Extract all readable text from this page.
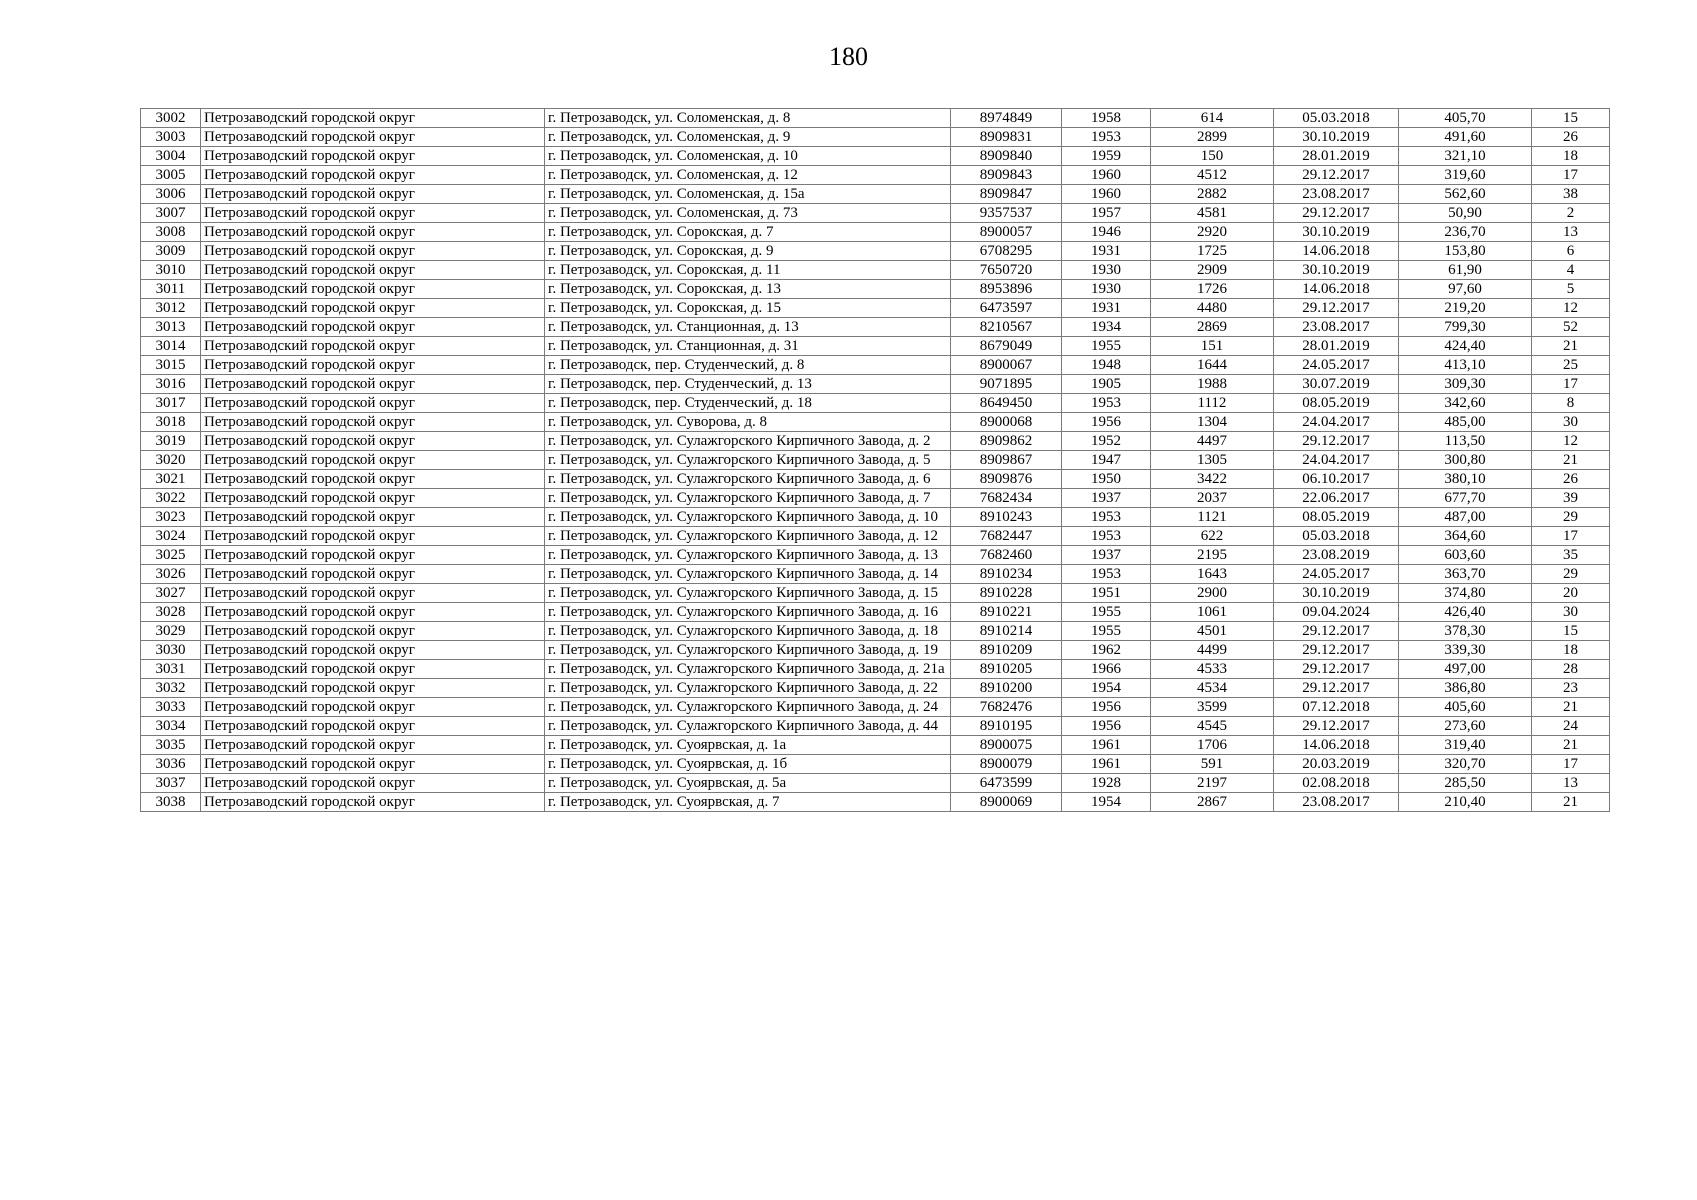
180
3002	Петрозаводский городской округ	г. Петрозаводск, ул. Соломенская, д. 8	8974849	1958	614	05.03.2018	405,70	15
3003	Петрозаводский городской округ	г. Петрозаводск, ул. Соломенская, д. 9	8909831	1953	2899	30.10.2019	491,60	26
3004	Петрозаводский городской округ	г. Петрозаводск, ул. Соломенская, д. 10	8909840	1959	150	28.01.2019	321,10	18
3005	Петрозаводский городской округ	г. Петрозаводск, ул. Соломенская, д. 12	8909843	1960	4512	29.12.2017	319,60	17
3006	Петрозаводский городской округ	г. Петрозаводск, ул. Соломенская, д. 15а	8909847	1960	2882	23.08.2017	562,60	38
3007	Петрозаводский городской округ	г. Петрозаводск, ул. Соломенская, д. 73	9357537	1957	4581	29.12.2017	50,90	2
3008	Петрозаводский городской округ	г. Петрозаводск, ул. Сорокская, д. 7	8900057	1946	2920	30.10.2019	236,70	13
3009	Петрозаводский городской округ	г. Петрозаводск, ул. Сорокская, д. 9	6708295	1931	1725	14.06.2018	153,80	6
3010	Петрозаводский городской округ	г. Петрозаводск, ул. Сорокская, д. 11	7650720	1930	2909	30.10.2019	61,90	4
3011	Петрозаводский городской округ	г. Петрозаводск, ул. Сорокская, д. 13	8953896	1930	1726	14.06.2018	97,60	5
3012	Петрозаводский городской округ	г. Петрозаводск, ул. Сорокская, д. 15	6473597	1931	4480	29.12.2017	219,20	12
3013	Петрозаводский городской округ	г. Петрозаводск, ул. Станционная, д. 13	8210567	1934	2869	23.08.2017	799,30	52
3014	Петрозаводский городской округ	г. Петрозаводск, ул. Станционная, д. 31	8679049	1955	151	28.01.2019	424,40	21
3015	Петрозаводский городской округ	г. Петрозаводск, пер. Студенческий, д. 8	8900067	1948	1644	24.05.2017	413,10	25
3016	Петрозаводский городской округ	г. Петрозаводск, пер. Студенческий, д. 13	9071895	1905	1988	30.07.2019	309,30	17
3017	Петрозаводский городской округ	г. Петрозаводск, пер. Студенческий, д. 18	8649450	1953	1112	08.05.2019	342,60	8
3018	Петрозаводский городской округ	г. Петрозаводск, ул. Суворова, д. 8	8900068	1956	1304	24.04.2017	485,00	30
3019	Петрозаводский городской округ	г. Петрозаводск, ул. Сулажгорского Кирпичного Завода, д. 2	8909862	1952	4497	29.12.2017	113,50	12
3020	Петрозаводский городской округ	г. Петрозаводск, ул. Сулажгорского Кирпичного Завода, д. 5	8909867	1947	1305	24.04.2017	300,80	21
3021	Петрозаводский городской округ	г. Петрозаводск, ул. Сулажгорского Кирпичного Завода, д. 6	8909876	1950	3422	06.10.2017	380,10	26
3022	Петрозаводский городской округ	г. Петрозаводск, ул. Сулажгорского Кирпичного Завода, д. 7	7682434	1937	2037	22.06.2017	677,70	39
3023	Петрозаводский городской округ	г. Петрозаводск, ул. Сулажгорского Кирпичного Завода, д. 10	8910243	1953	1121	08.05.2019	487,00	29
3024	Петрозаводский городской округ	г. Петрозаводск, ул. Сулажгорского Кирпичного Завода, д. 12	7682447	1953	622	05.03.2018	364,60	17
3025	Петрозаводский городской округ	г. Петрозаводск, ул. Сулажгорского Кирпичного Завода, д. 13	7682460	1937	2195	23.08.2019	603,60	35
3026	Петрозаводский городской округ	г. Петрозаводск, ул. Сулажгорского Кирпичного Завода, д. 14	8910234	1953	1643	24.05.2017	363,70	29
3027	Петрозаводский городской округ	г. Петрозаводск, ул. Сулажгорского Кирпичного Завода, д. 15	8910228	1951	2900	30.10.2019	374,80	20
3028	Петрозаводский городской округ	г. Петрозаводск, ул. Сулажгорского Кирпичного Завода, д. 16	8910221	1955	1061	09.04.2024	426,40	30
3029	Петрозаводский городской округ	г. Петрозаводск, ул. Сулажгорского Кирпичного Завода, д. 18	8910214	1955	4501	29.12.2017	378,30	15
3030	Петрозаводский городской округ	г. Петрозаводск, ул. Сулажгорского Кирпичного Завода, д. 19	8910209	1962	4499	29.12.2017	339,30	18
3031	Петрозаводский городской округ	г. Петрозаводск, ул. Сулажгорского Кирпичного Завода, д. 21а	8910205	1966	4533	29.12.2017	497,00	28
3032	Петрозаводский городской округ	г. Петрозаводск, ул. Сулажгорского Кирпичного Завода, д. 22	8910200	1954	4534	29.12.2017	386,80	23
3033	Петрозаводский городской округ	г. Петрозаводск, ул. Сулажгорского Кирпичного Завода, д. 24	7682476	1956	3599	07.12.2018	405,60	21
3034	Петрозаводский городской округ	г. Петрозаводск, ул. Сулажгорского Кирпичного Завода, д. 44	8910195	1956	4545	29.12.2017	273,60	24
3035	Петрозаводский городской округ	г. Петрозаводск, ул. Суоярвская, д. 1а	8900075	1961	1706	14.06.2018	319,40	21
3036	Петрозаводский городской округ	г. Петрозаводск, ул. Суоярвская, д. 1б	8900079	1961	591	20.03.2019	320,70	17
3037	Петрозаводский городской округ	г. Петрозаводск, ул. Суоярвская, д. 5а	6473599	1928	2197	02.08.2018	285,50	13
3038	Петрозаводский городской округ	г. Петрозаводск, ул. Суоярвская, д. 7	8900069	1954	2867	23.08.2017	210,40	21
